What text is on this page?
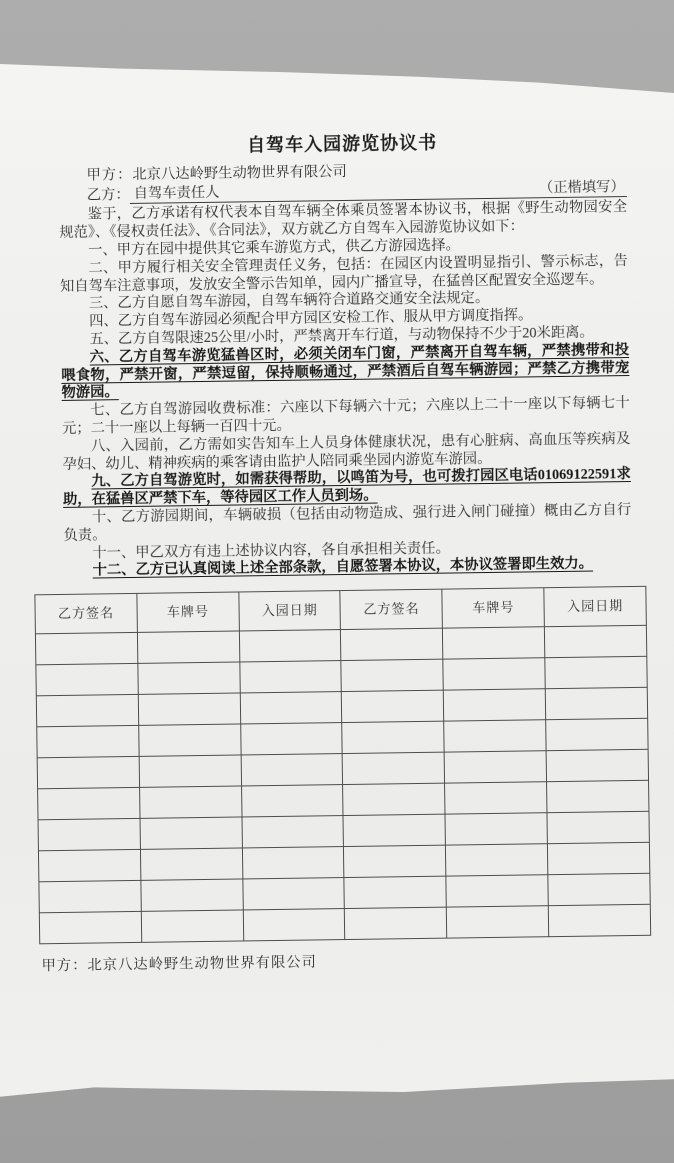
自驾车入园游览协议书
甲方：北京八达岭野生动物世界有限公司
乙方： 自驾车责任人	（正楷填写）

鉴于，乙方承诺有权代表本自驾车辆全体乘员签署本协议书，根据《野生动物园安全规范》、《侵权责任法》、《合同法》，双方就乙方自驾车入园游览协议如下：

一、甲方在园中提供其它乘车游览方式，供乙方游园选择。

二、甲方履行相关安全管理责任义务，包括：在园区内设置明显指引、警示标志，告知自驾车注意事项，发放安全警示告知单，园内广播宣导，在猛兽区配置安全巡逻车。

三、乙方自愿自驾车游园，自驾车辆符合道路交通安全法规定。

四、乙方自驾车游园必须配合甲方园区安检工作、服从甲方调度指挥。

五、乙方自驾限速25公里/小时，严禁离开车行道，与动物保持不少于20米距离。

六、乙方自驾车游览猛兽区时，必须关闭车门窗，严禁离开自驾车辆，严禁携带和投喂食物，严禁开窗，严禁逗留，保持顺畅通过，严禁酒后自驾车辆游园；严禁乙方携带宠物游园。

七、乙方自驾游园收费标准：六座以下每辆六十元；六座以上二十一座以下每辆七十元；二十一座以上每辆一百四十元。

八、入园前，乙方需如实告知车上人员身体健康状况，患有心脏病、高血压等疾病及孕妇、幼儿、精神疾病的乘客请由监护人陪同乘坐园内游览车游园。

九、乙方自驾游览时，如需获得帮助，以鸣笛为号，也可拨打园区电话01069122591求助，在猛兽区严禁下车，等待园区工作人员到场。

十、乙方游园期间，车辆破损（包括由动物造成、强行进入闸门碰撞）概由乙方自行负责。

十一、甲乙双方有违上述协议内容，各自承担相关责任。

十二、乙方已认真阅读上述全部条款，自愿签署本协议，本协议签署即生效力。

乙方签名	车牌号	入园日期	乙方签名	车牌号	入园日期

甲方：北京八达岭野生动物世界有限公司
